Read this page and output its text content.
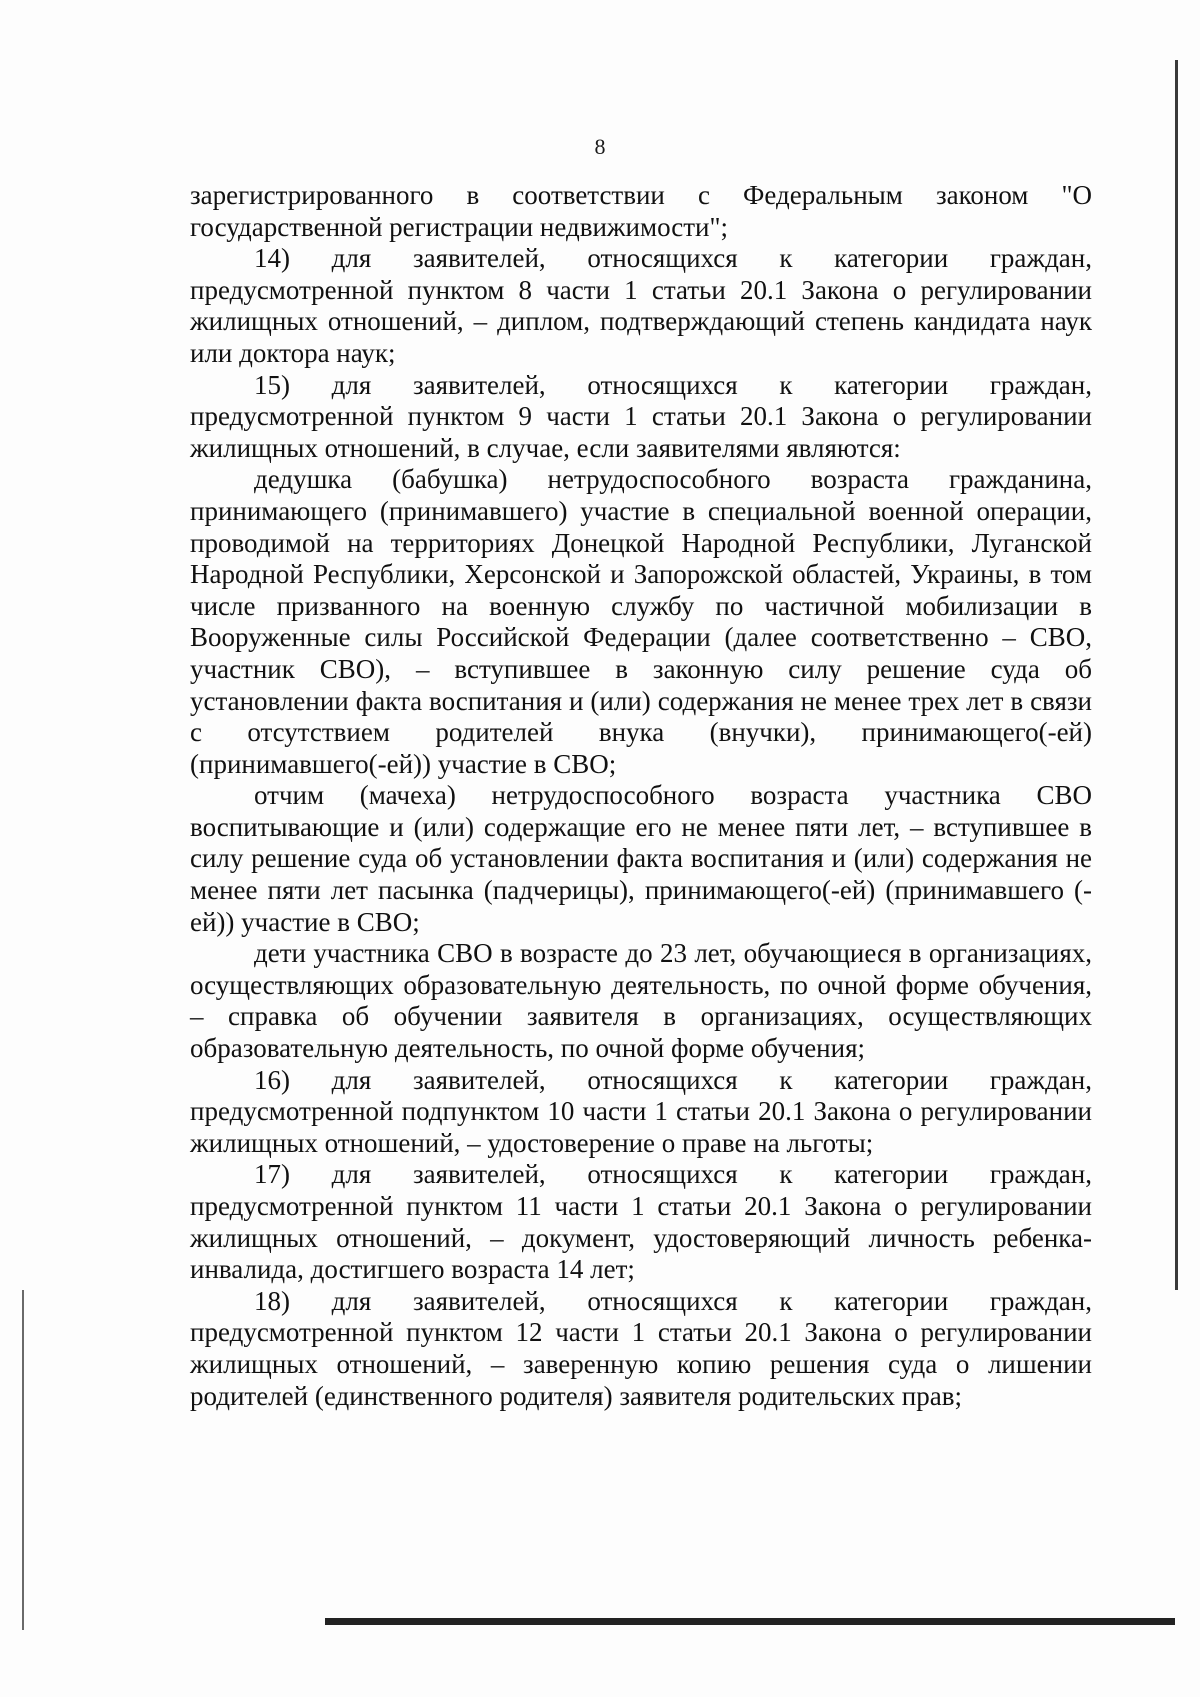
8

зарегистрированного в соответствии с Федеральным законом "О государственной регистрации недвижимости";

14) для заявителей, относящихся к категории граждан, предусмотренной пунктом 8 части 1 статьи 20.1 Закона о регулировании жилищных отношений, – диплом, подтверждающий степень кандидата наук или доктора наук;

15) для заявителей, относящихся к категории граждан, предусмотренной пунктом 9 части 1 статьи 20.1 Закона о регулировании жилищных отношений, в случае, если заявителями являются:

дедушка (бабушка) нетрудоспособного возраста гражданина, принимающего (принимавшего) участие в специальной военной операции, проводимой на территориях Донецкой Народной Республики, Луганской Народной Республики, Херсонской и Запорожской областей, Украины, в том числе призванного на военную службу по частичной мобилизации в Вооруженные силы Российской Федерации (далее соответственно – СВО, участник СВО), – вступившее в законную силу решение суда об установлении факта воспитания и (или) содержания не менее трех лет в связи с отсутствием родителей внука (внучки), принимающего(-ей) (принимавшего(-ей)) участие в СВО;

отчим (мачеха) нетрудоспособного возраста участника СВО воспитывающие и (или) содержащие его не менее пяти лет, – вступившее в силу решение суда об установлении факта воспитания и (или) содержания не менее пяти лет пасынка (падчерицы), принимающего(-ей) (принимавшего (-ей)) участие в СВО;

дети участника СВО в возрасте до 23 лет, обучающиеся в организациях, осуществляющих образовательную деятельность, по очной форме обучения, – справка об обучении заявителя в организациях, осуществляющих образовательную деятельность, по очной форме обучения;

16) для заявителей, относящихся к категории граждан, предусмотренной подпунктом 10 части 1 статьи 20.1 Закона о регулировании жилищных отношений, – удостоверение о праве на льготы;

17) для заявителей, относящихся к категории граждан, предусмотренной пунктом 11 части 1 статьи 20.1 Закона о регулировании жилищных отношений, – документ, удостоверяющий личность ребенка-инвалида, достигшего возраста 14 лет;

18) для заявителей, относящихся к категории граждан, предусмотренной пунктом 12 части 1 статьи 20.1 Закона о регулировании жилищных отношений, – заверенную копию решения суда о лишении родителей (единственного родителя) заявителя родительских прав;
